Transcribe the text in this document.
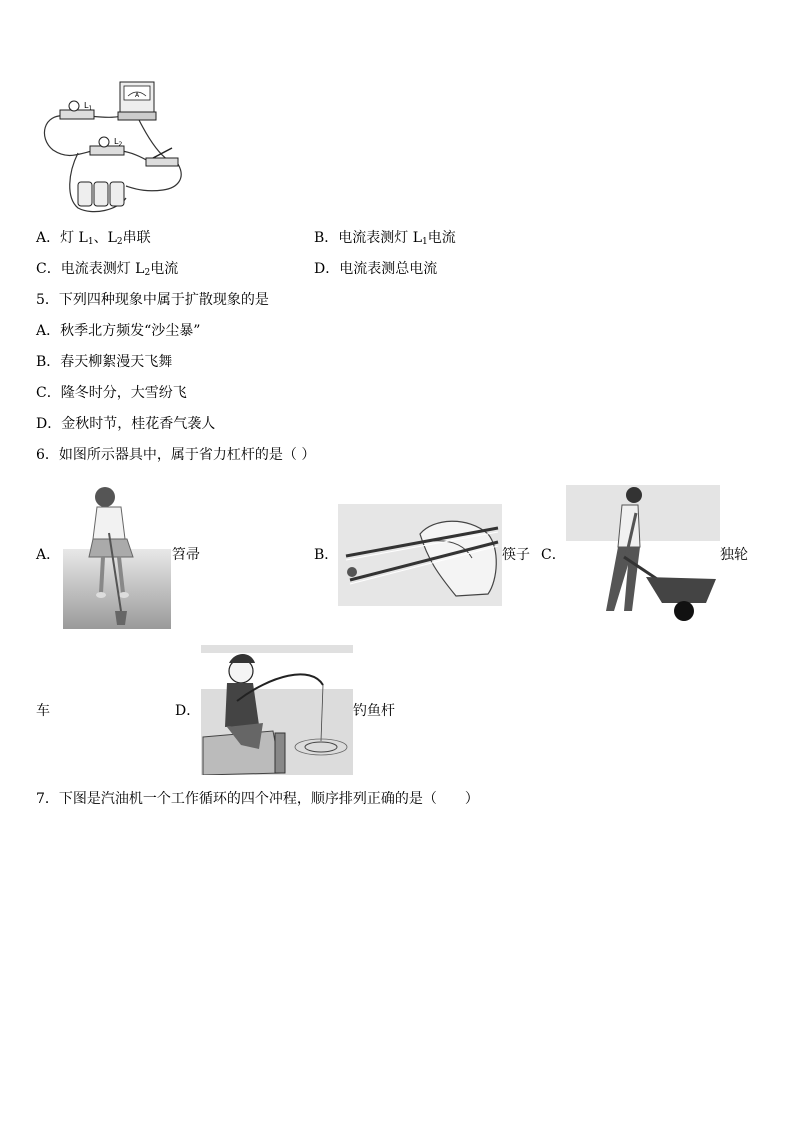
$L_1$
$L_2$
A
A．灯 $L_1$、$L_2$串联	B．电流表测灯 $L_1$电流
C．电流表测灯 $L_2$电流	D．电流表测总电流
5．下列四种现象中属于扩散现象的是
A．秋季北方频发“沙尘暴”
B．春天柳絮漫天飞舞
C．隆冬时分，大雪纷飞
D．金秋时节，桂花香气袭人
6．如图所示器具中，属于省力杠杆的是（ ）
A．	笤帚	B．	筷子 C．	独轮
车	D．	钓鱼杆
7．下图是汽油机一个工作循环的四个冲程，顺序排列正确的是（　　）
